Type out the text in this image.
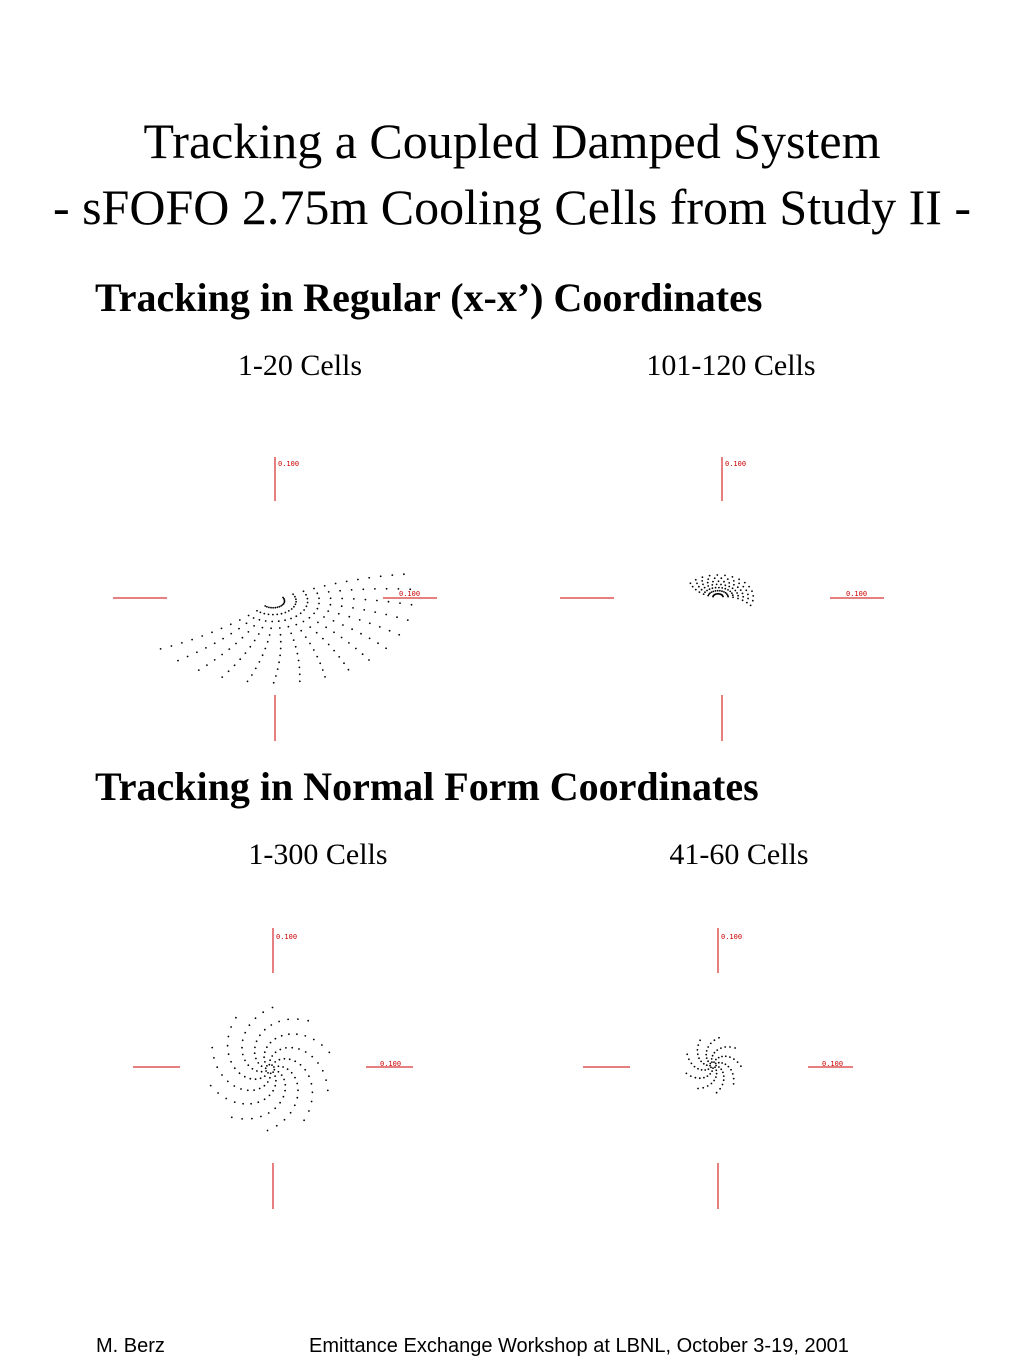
Tracking a Coupled Damped System
- sFOFO 2.75m Cooling Cells from Study II -
Tracking in Regular (x-x’) Coordinates
1-20 Cells	101-120 Cells
0.100
0.100
0.100
0.100
Tracking in Normal Form Coordinates
1-300 Cells	41-60 Cells
0.100
0.100
0.100
0.100
M. Berz	Emittance Exchange Workshop at LBNL, October 3-19, 2001
